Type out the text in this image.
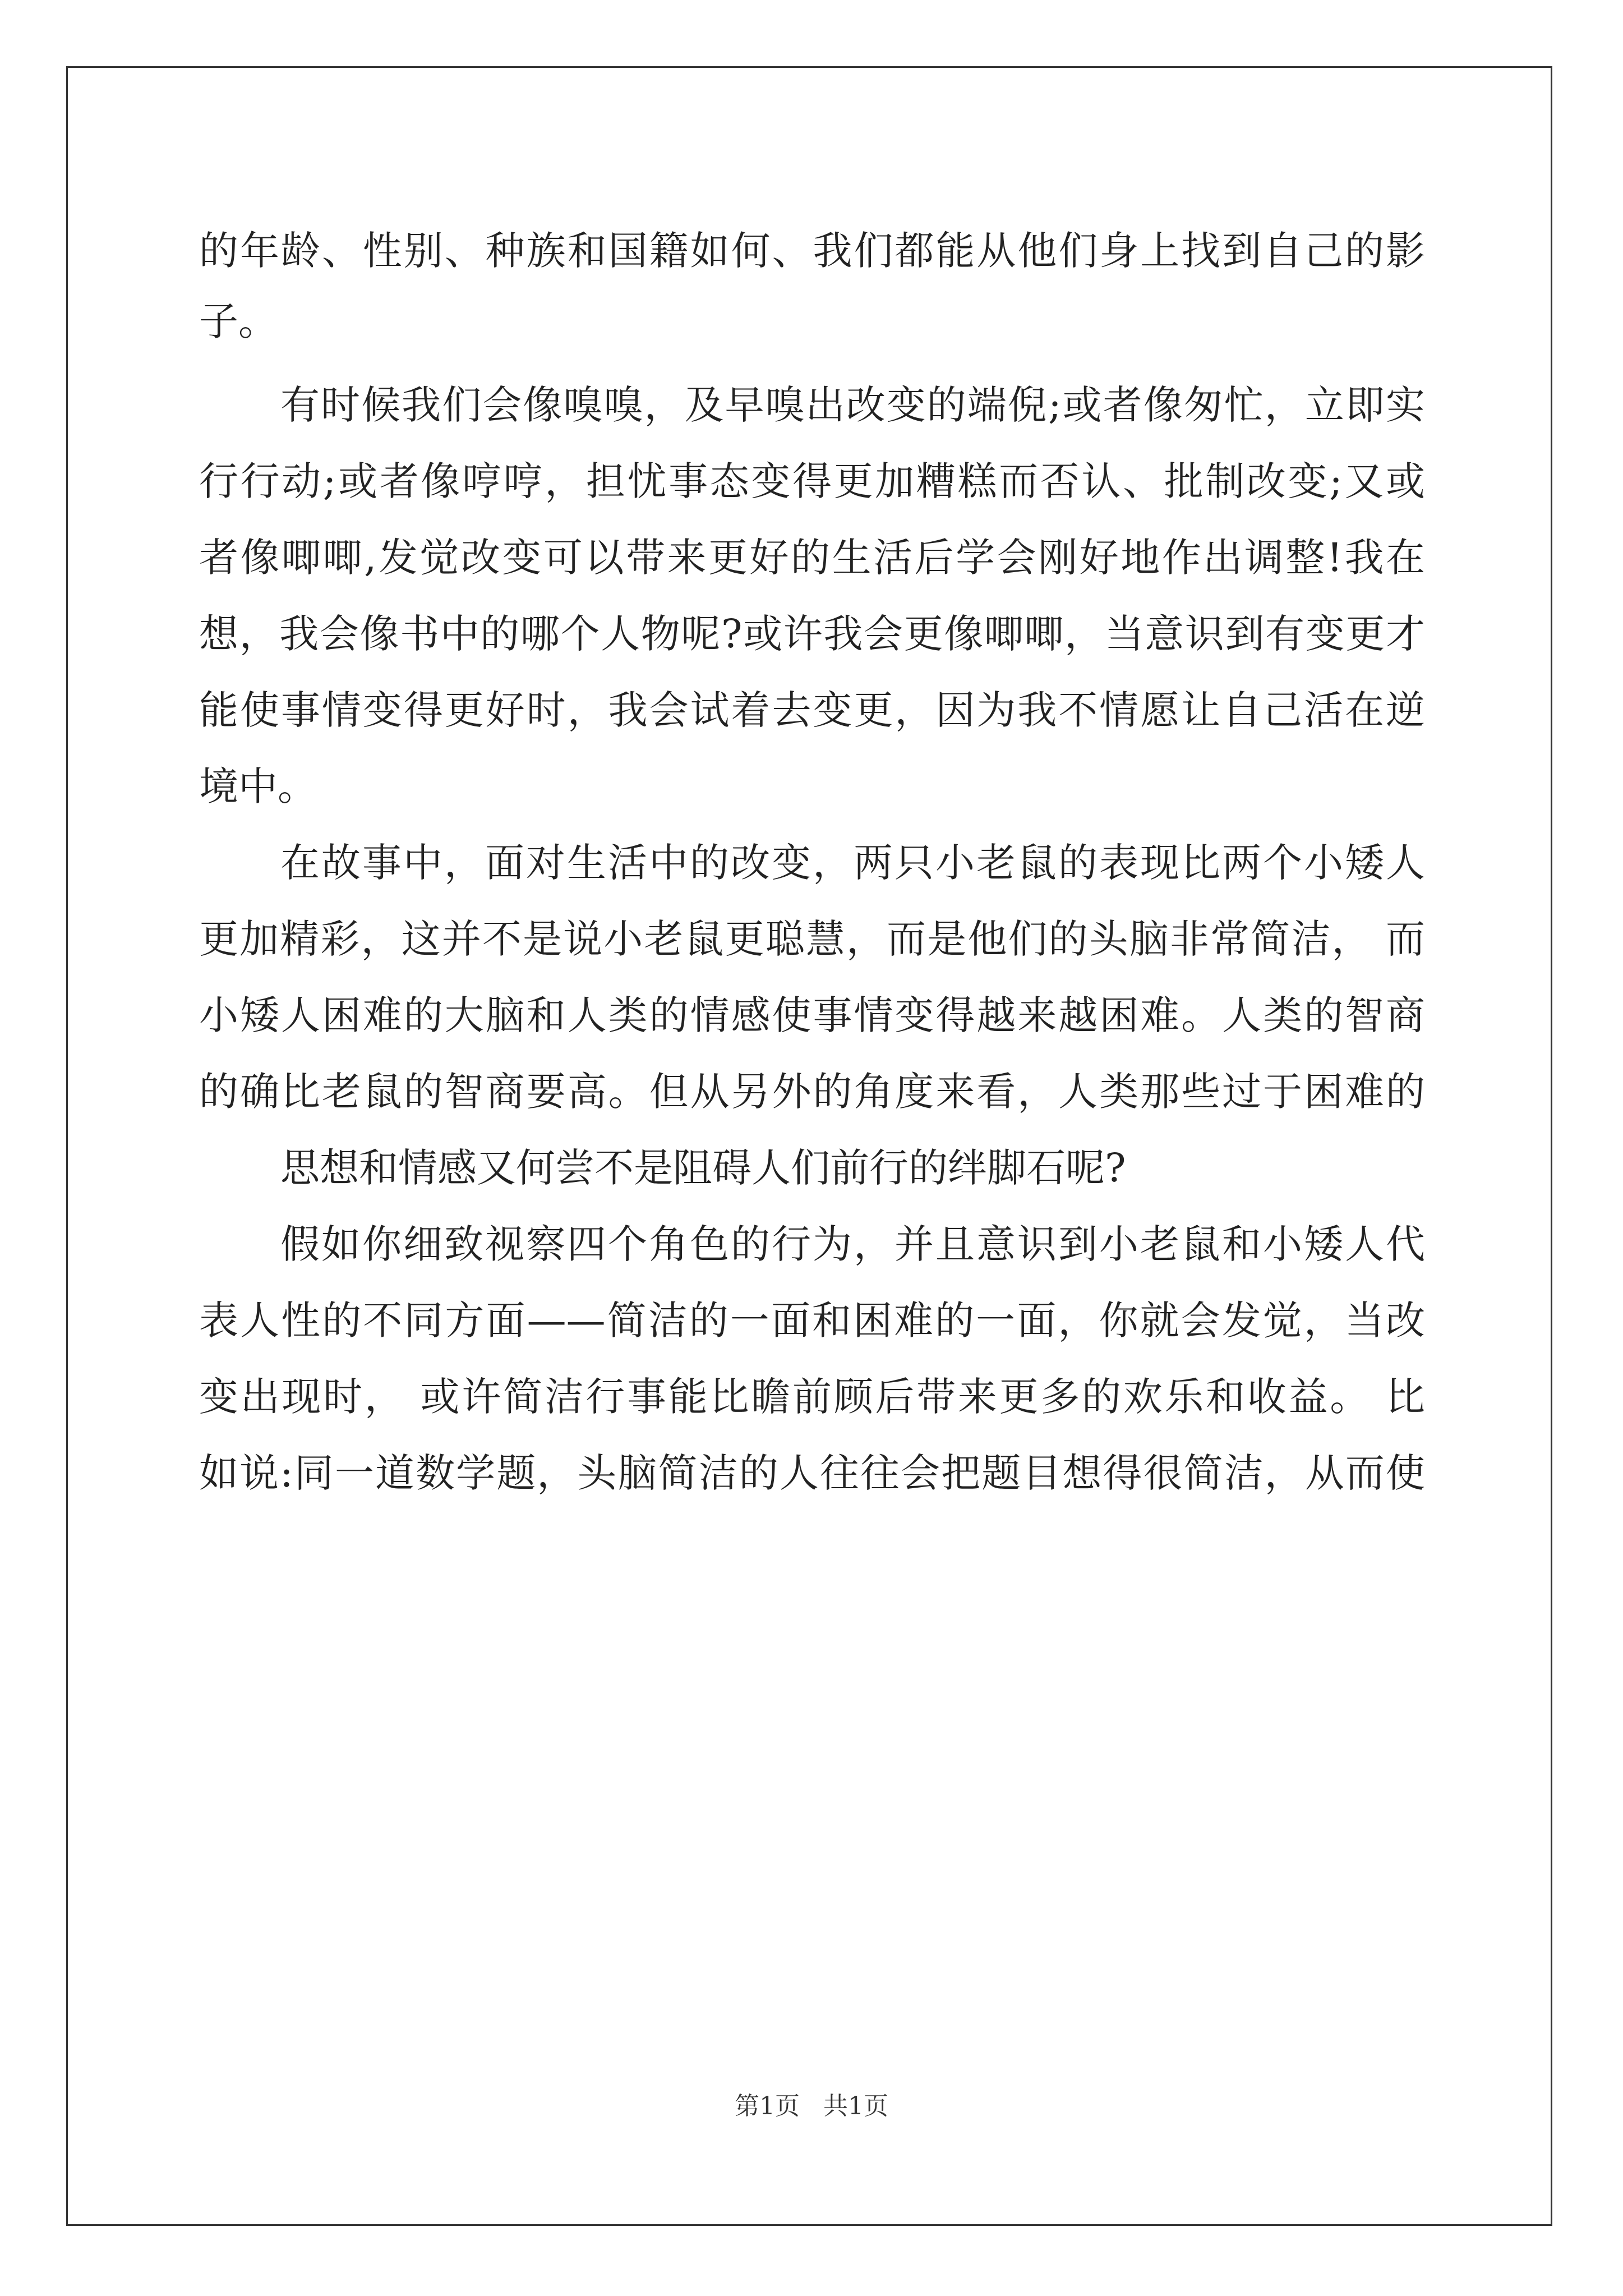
的年龄、性别、种族和国籍如何、我们都能从他们身上找到自己的影
子。
有时候我们会像嗅嗅，及早嗅出改变的端倪;或者像匆忙，立即实
行行动;或者像哼哼，担忧事态变得更加糟糕而否认、批制改变;又或
者像唧唧,发觉改变可以带来更好的生活后学会刚好地作出调整!我在
想，我会像书中的哪个人物呢?或许我会更像唧唧，当意识到有变更才
能使事情变得更好时，我会试着去变更，因为我不情愿让自己活在逆
境中。
在故事中，面对生活中的改变，两只小老鼠的表现比两个小矮人
更加精彩，这并不是说小老鼠更聪慧，而是他们的头脑非常简洁， 而
小矮人困难的大脑和人类的情感使事情变得越来越困难。人类的智商
的确比老鼠的智商要高。但从另外的角度来看，人类那些过于困难的
思想和情感又何尝不是阻碍人们前行的绊脚石呢?
假如你细致视察四个角色的行为，并且意识到小老鼠和小矮人代
表人性的不同方面——简洁的一面和困难的一面，你就会发觉，当改
变出现时， 或许简洁行事能比瞻前顾后带来更多的欢乐和收益。 比
如说:同一道数学题，头脑简洁的人往往会把题目想得很简洁，从而使
第1页   共1页
